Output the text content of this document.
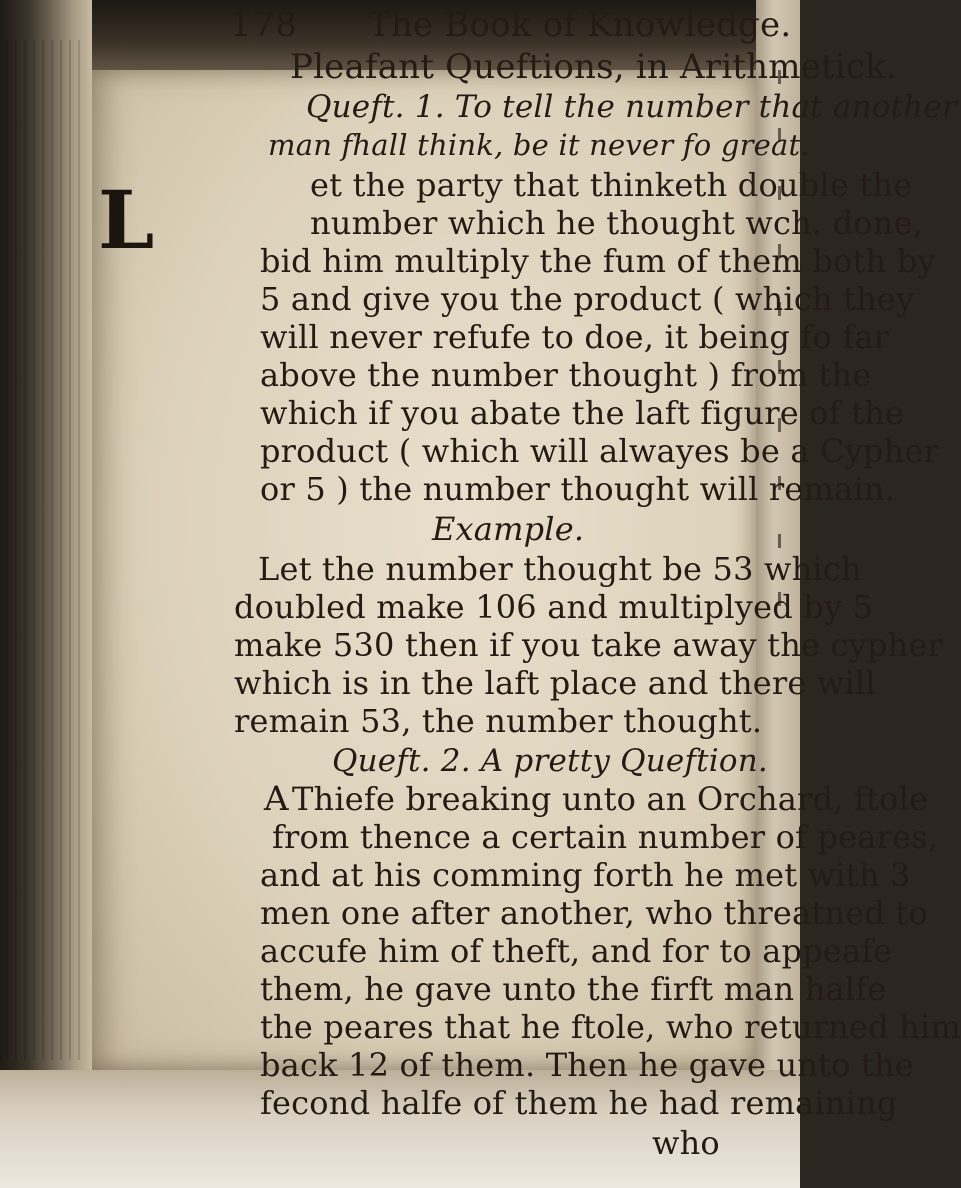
178 The Book of Knowledge.
Pleafant Queftions, in Arithmetick.
Queft. 1. To tell the number that another
man fhall think, be it never fo great.
et the party that thinketh double the
number which he thought wch. done,
bid him multiply the fum of them both by
5 and give you the product ( which they
will never refufe to doe, it being fo far
above the number thought ) from the
which if you abate the laft figure of the
product ( which will alwayes be a Cypher
or 5 ) the number thought will remain.
Example.
Let the number thought be 53 which
doubled make 106 and multiplyed by 5
make 530 then if you take away the cypher
which is in the laft place and there will
remain 53, the number thought.
Queft. 2. A pretty Queftion.
A Thiefe breaking unto an Orchard, ftole
from thence a certain number of peares,
and at his comming forth he met with 3
men one after another, who threatned to
accufe him of theft, and for to appeafe
them, he gave unto the firft man halfe
the peares that he ftole, who returned him
back 12 of them. Then he gave unto the
fecond halfe of them he had remaining
who
L
